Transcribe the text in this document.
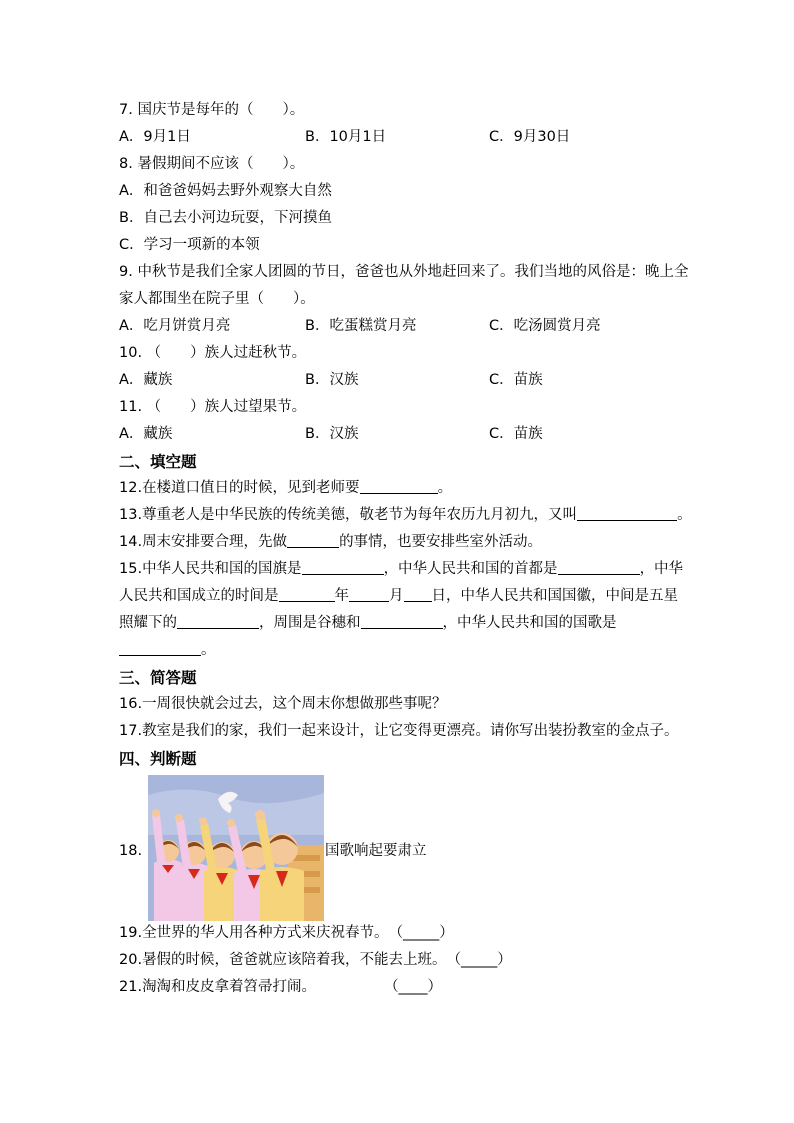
7. 国庆节是每年的（　　）。
A．9月1日	B．10月1日	C．9月30日
8. 暑假期间不应该（　　）。
A．和爸爸妈妈去野外观察大自然
B．自己去小河边玩耍，下河摸鱼
C．学习一项新的本领
9. 中秋节是我们全家人团圆的节日，爸爸也从外地赶回来了。我们当地的风俗是：晚上全
家人都围坐在院子里（　　）。
A．吃月饼赏月亮	B．吃蛋糕赏月亮	C．吃汤圆赏月亮
10. （　　）族人过赶秋节。
A．藏族	B．汉族	C．苗族
11. （　　）族人过望果节。
A．藏族	B．汉族	C．苗族
二、填空题
12.在楼道口值日的时候，见到老师要	。
13.尊重老人是中华民族的传统美德，敬老节为每年农历九月初九，又叫	。
14.周末安排要合理，先做	的事情，也要安排些室外活动。
15.中华人民共和国的国旗是	，中华人民共和国的首都是	，中华
人民共和国成立的时间是	年	月 日，中华人民共和国国徽，中间是五星
照耀下的	，周围是谷穗和	，中华人民共和国的国歌是
。
三、简答题
16.一周很快就会过去，这个周末你想做那些事呢？
17.教室是我们的家，我们一起来设计，让它变得更漂亮。请你写出装扮教室的金点子。
四、判断题
18.	国歌响起要肃立
19.全世界的华人用各种方式来庆祝春节。（_____）
20.暑假的时候，爸爸就应该陪着我，不能去上班。（_____）
21.淘淘和皮皮拿着笤帚打闹。	（____）
